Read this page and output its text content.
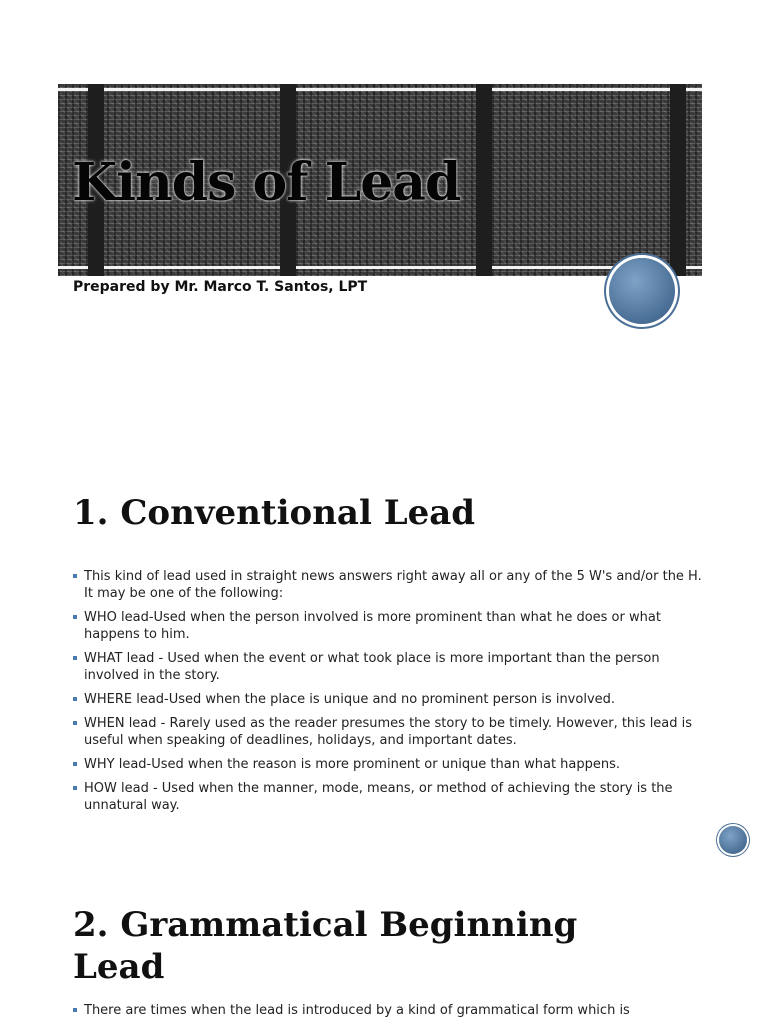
Kinds of Lead
Prepared by Mr. Marco T. Santos, LPT
1. Conventional Lead
This kind of lead used in straight news answers right away all or any of the 5 W's and/or the H. It may be one of the following:
WHO lead-Used when the person involved is more prominent than what he does or what happens to him.
WHAT lead - Used when the event or what took place is more important than the person involved in the story.
WHERE lead-Used when the place is unique and no prominent person is involved.
WHEN lead - Rarely used as the reader presumes the story to be timely. However, this lead is useful when speaking of deadlines, holidays, and important dates.
WHY lead-Used when the reason is more prominent or unique than what happens.
HOW lead - Used when the manner, mode, means, or method of achieving the story is the unnatural way.
2. Grammatical Beginning Lead
There are times when the lead is introduced by a kind of grammatical form which is
